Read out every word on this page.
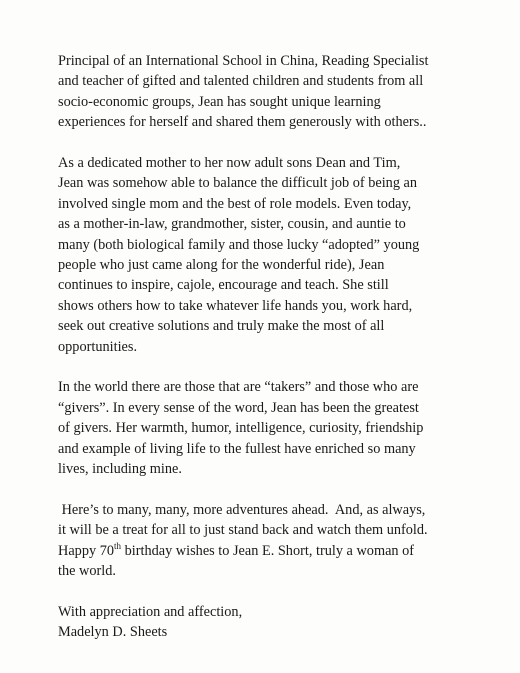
Principal of an International School in China, Reading Specialist
and teacher of gifted and talented children and students from all
socio-economic groups, Jean has sought unique learning
experiences for herself and shared them generously with others..

As a dedicated mother to her now adult sons Dean and Tim,
Jean was somehow able to balance the difficult job of being an
involved single mom and the best of role models. Even today,
as a mother-in-law, grandmother, sister, cousin, and auntie to
many (both biological family and those lucky “adopted” young
people who just came along for the wonderful ride), Jean
continues to inspire, cajole, encourage and teach. She still
shows others how to take whatever life hands you, work hard,
seek out creative solutions and truly make the most of all
opportunities.

In the world there are those that are “takers” and those who are
“givers”. In every sense of the word, Jean has been the greatest
of givers. Her warmth, humor, intelligence, curiosity, friendship
and example of living life to the fullest have enriched so many
lives, including mine.

Here’s to many, many, more adventures ahead.  And, as always,
it will be a treat for all to just stand back and watch them unfold.
Happy 70th birthday wishes to Jean E. Short, truly a woman of
the world.

With appreciation and affection,
Madelyn D. Sheets
